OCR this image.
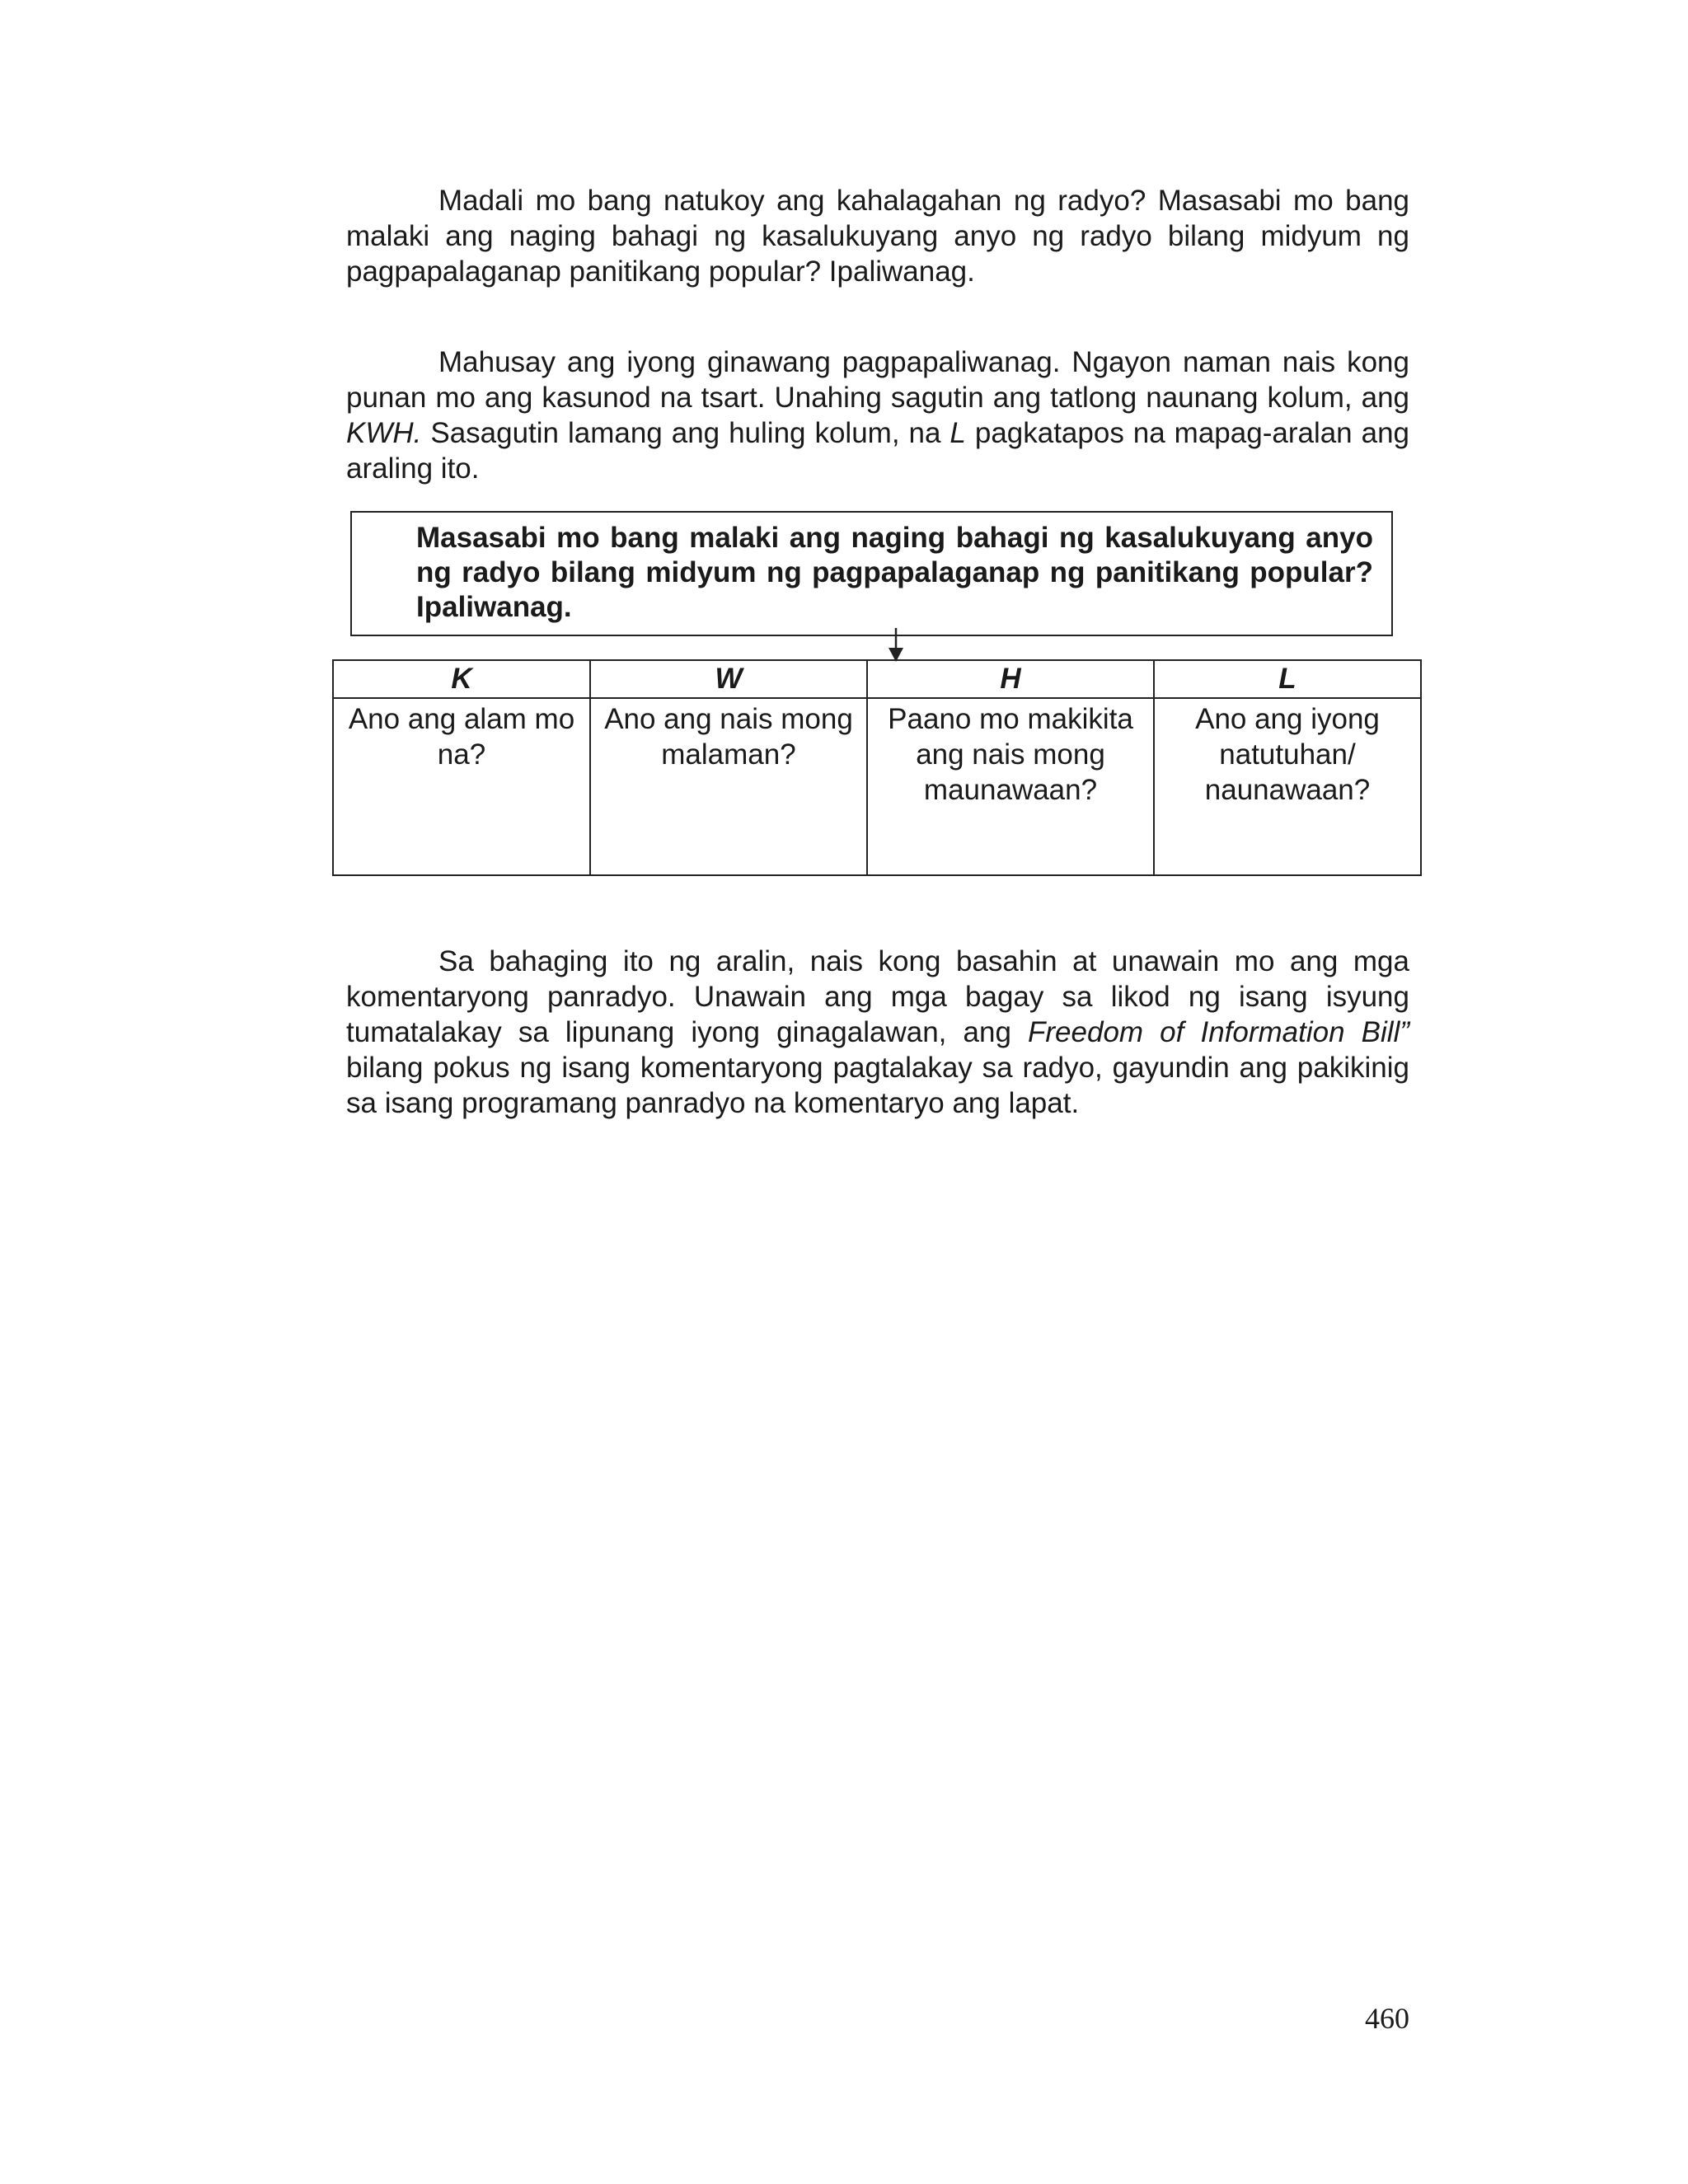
Madali mo bang natukoy ang kahalagahan ng radyo? Masasabi mo bang malaki ang naging bahagi ng kasalukuyang anyo ng radyo bilang midyum ng pagpapalaganap panitikang popular? Ipaliwanag.

Mahusay ang iyong ginawang pagpapaliwanag. Ngayon naman nais kong punan mo ang kasunod na tsart. Unahing sagutin ang tatlong naunang kolum, ang KWH. Sasagutin lamang ang huling kolum, na L pagkatapos na mapag-aralan ang araling ito.

Masasabi mo bang malaki ang naging bahagi ng kasalukuyang anyo ng radyo bilang midyum ng pagpapalaganap ng panitikang popular? Ipaliwanag.

K	W	H	L
Ano ang alam mo na?	Ano ang nais mong malaman?	Paano mo makikita ang nais mong maunawaan?	Ano ang iyong natutuhan/ naunawaan?

Sa bahaging ito ng aralin, nais kong basahin at unawain mo ang mga komentaryong panradyo. Unawain ang mga bagay sa likod ng isang isyung tumatalakay sa lipunang iyong ginagalawan, ang Freedom of Information Bill” bilang pokus ng isang komentaryong pagtalakay sa radyo, gayundin ang pakikinig sa isang programang panradyo na komentaryo ang lapat.

460
